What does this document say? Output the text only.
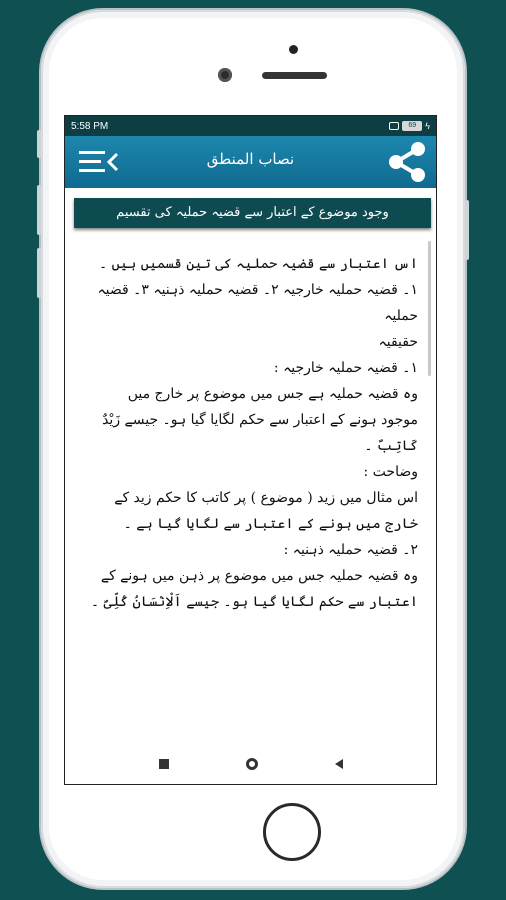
5:58 PM	69	ϟ
نصاب المنطق
وجود موضوع کے اعتبار سے قضیہ حملیہ کی تقسیم

اس اعتبار سے قضیہ حملیہ کی تین قسمیں ہیں ۔

۱۔ قضیہ حملیہ خارجیہ ۲۔ قضیہ حملیہ ذہنیہ ۳۔ قضیہ حملیہ

حقیقیہ

۱۔ قضیہ حملیہ خارجیہ :

وہ قضیہ حملیہ ہے جس میں موضوع پر خارج میں

موجود ہونے کے اعتبار سے حکم لگایا گیا ہو۔ جیسے زَیْدٌ

کَاتِبٌ ۔

وضاحت :

اس مثال میں زید ( موضوع ) پر کاتب کا حکم زید کے

خارج میں ہونے کے اعتبار سے لگایا گیا ہے ۔

۲۔ قضیہ حملیہ ذہنیہ :

وہ قضیہ حملیہ جس میں موضوع پر ذہن میں ہونے کے

اعتبار سے حکم لگایا گیا ہو۔ جیسے اَلْاِنْسَانُ کُلِّیٌ ۔
